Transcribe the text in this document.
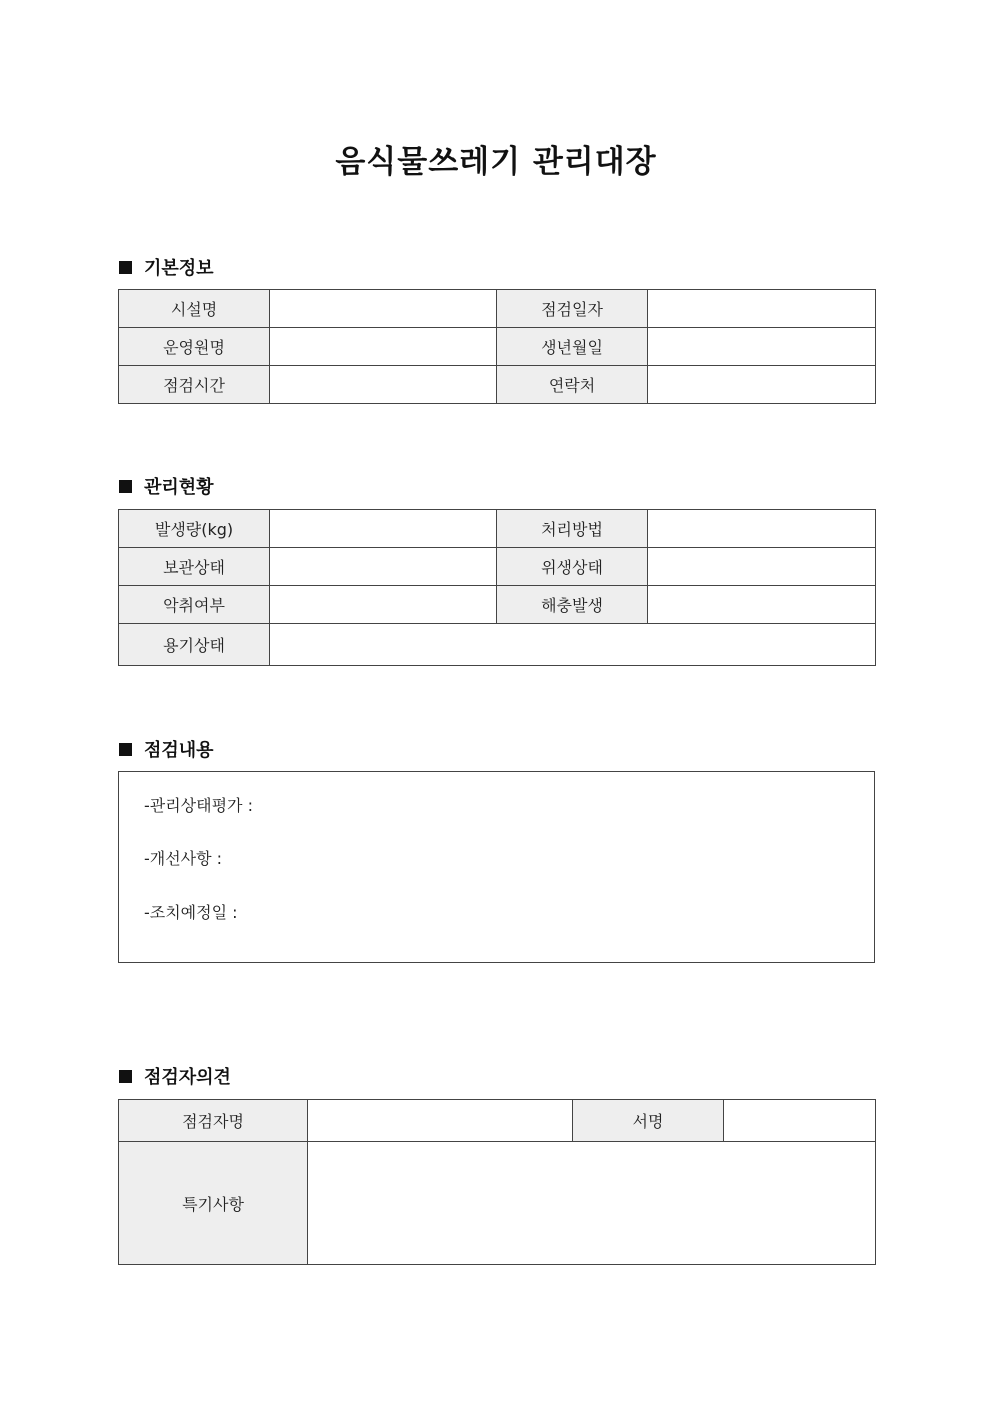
음식물쓰레기 관리대장
기본정보
시설명		점검일자	
운영원명		생년월일	
점검시간		연락처	
관리현황
발생량(kg)		처리방법	
보관상태		위생상태	
악취여부		해충발생	
용기상태			
점검내용
-관리상태평가 :
-개선사항 :
-조치예정일 :
점검자의견
점검자명		서명	
특기사항			
